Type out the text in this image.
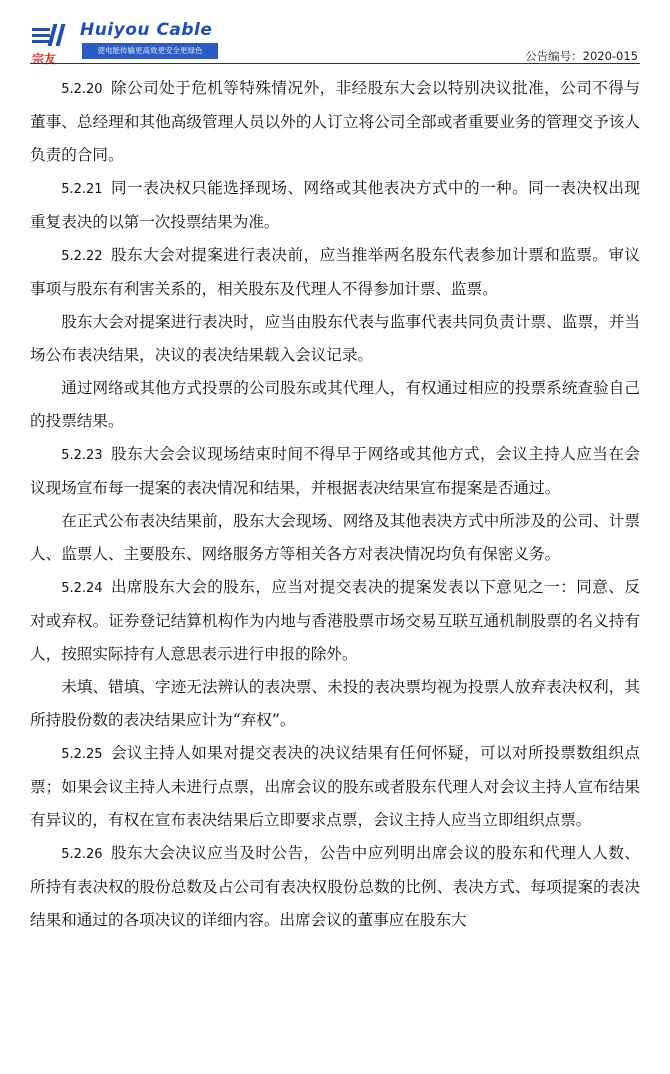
宗友
Huiyou Cable
使电能传输更高效更安全更绿色	公告编号：2020-015

5.2.20 除公司处于危机等特殊情况外，非经股东大会以特别决议批准，公司不得与董事、总经理和其他高级管理人员以外的人订立将公司全部或者重要业务的管理交予该人负责的合同。

5.2.21 同一表决权只能选择现场、网络或其他表决方式中的一种。同一表决权出现重复表决的以第一次投票结果为准。

5.2.22 股东大会对提案进行表决前，应当推举两名股东代表参加计票和监票。审议事项与股东有利害关系的，相关股东及代理人不得参加计票、监票。

股东大会对提案进行表决时，应当由股东代表与监事代表共同负责计票、监票，并当场公布表决结果，决议的表决结果载入会议记录。

通过网络或其他方式投票的公司股东或其代理人，有权通过相应的投票系统查验自己的投票结果。

5.2.23 股东大会会议现场结束时间不得早于网络或其他方式，会议主持人应当在会议现场宣布每一提案的表决情况和结果，并根据表决结果宣布提案是否通过。

在正式公布表决结果前，股东大会现场、网络及其他表决方式中所涉及的公司、计票人、监票人、主要股东、网络服务方等相关各方对表决情况均负有保密义务。

5.2.24 出席股东大会的股东，应当对提交表决的提案发表以下意见之一：同意、反对或弃权。证券登记结算机构作为内地与香港股票市场交易互联互通机制股票的名义持有人，按照实际持有人意思表示进行申报的除外。

未填、错填、字迹无法辨认的表决票、未投的表决票均视为投票人放弃表决权利，其所持股份数的表决结果应计为“弃权”。

5.2.25 会议主持人如果对提交表决的决议结果有任何怀疑，可以对所投票数组织点票；如果会议主持人未进行点票，出席会议的股东或者股东代理人对会议主持人宣布结果有异议的，有权在宣布表决结果后立即要求点票，会议主持人应当立即组织点票。

5.2.26 股东大会决议应当及时公告，公告中应列明出席会议的股东和代理人人数、所持有表决权的股份总数及占公司有表决权股份总数的比例、表决方式、每项提案的表决结果和通过的各项决议的详细内容。出席会议的董事应在股东大
